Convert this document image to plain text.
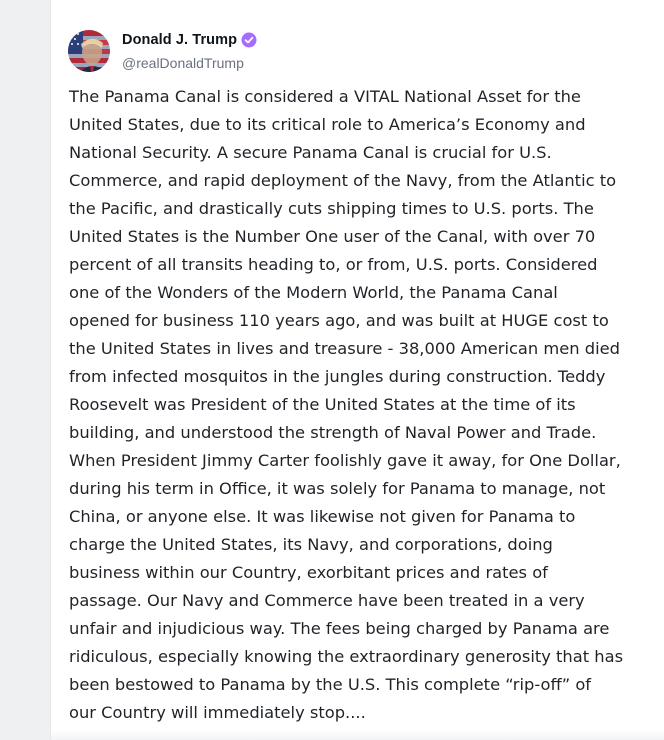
Donald J. Trump
@realDonaldTrump

The Panama Canal is considered a VITAL National Asset for the
United States, due to its critical role to America’s Economy and
National Security. A secure Panama Canal is crucial for U.S.
Commerce, and rapid deployment of the Navy, from the Atlantic to
the Pacific, and drastically cuts shipping times to U.S. ports. The
United States is the Number One user of the Canal, with over 70
percent of all transits heading to, or from, U.S. ports. Considered
one of the Wonders of the Modern World, the Panama Canal
opened for business 110 years ago, and was built at HUGE cost to
the United States in lives and treasure - 38,000 American men died
from infected mosquitos in the jungles during construction. Teddy
Roosevelt was President of the United States at the time of its
building, and understood the strength of Naval Power and Trade.
When President Jimmy Carter foolishly gave it away, for One Dollar,
during his term in Office, it was solely for Panama to manage, not
China, or anyone else. It was likewise not given for Panama to
charge the United States, its Navy, and corporations, doing
business within our Country, exorbitant prices and rates of
passage. Our Navy and Commerce have been treated in a very
unfair and injudicious way. The fees being charged by Panama are
ridiculous, especially knowing the extraordinary generosity that has
been bestowed to Panama by the U.S. This complete “rip-off” of
our Country will immediately stop....
